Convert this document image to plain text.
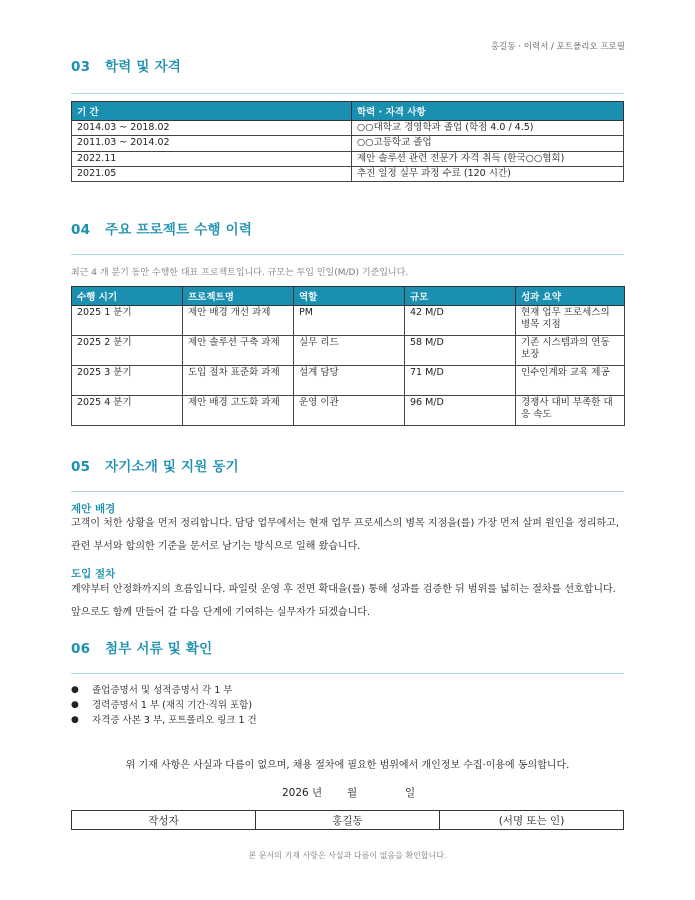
홍길동 · 이력서 / 포트폴리오 프로필
03 학력 및 자격
기 간	학력 · 자격 사항
2014.03 ~ 2018.02	○○대학교 경영학과 졸업 (학점 4.0 / 4.5)
2011.03 ~ 2014.02	○○고등학교 졸업
2022.11	제안 솔루션 관련 전문가 자격 취득 (한국○○협회)
2021.05	추진 일정 실무 과정 수료 (120 시간)
04 주요 프로젝트 수행 이력
최근 4 개 분기 동안 수행한 대표 프로젝트입니다. 규모는 투입 인일(M/D) 기준입니다.
수행 시기	프로젝트명	역할	규모	성과 요약
2025 1 분기	제안 배경 개선 과제	PM	42 M/D	현재 업무 프로세스의 병목 지점
2025 2 분기	제안 솔루션 구축 과제	실무 리드	58 M/D	기존 시스템과의 연동 보장
2025 3 분기	도입 절차 표준화 과제	설계 담당	71 M/D	인수인계와 교육 제공
2025 4 분기	제안 배경 고도화 과제	운영 이관	96 M/D	경쟁사 대비 부족한 대응 속도
05 자기소개 및 지원 동기
제안 배경
고객이 처한 상황을 먼저 정리합니다. 담당 업무에서는 현재 업무 프로세스의 병목 지점을(를) 가장 먼저 살펴 원인을 정리하고, 관련 부서와 합의한 기준을 문서로 남기는 방식으로 일해 왔습니다.
도입 절차
계약부터 안정화까지의 흐름입니다. 파일럿 운영 후 전면 확대을(를) 통해 성과를 검증한 뒤 범위를 넓히는 절차를 선호합니다. 앞으로도 함께 만들어 갈 다음 단계에 기여하는 실무자가 되겠습니다.
06 첨부 서류 및 확인
● 졸업증명서 및 성적증명서 각 1 부
● 경력증명서 1 부 (재직 기간·직위 포함)
● 자격증 사본 3 부, 포트폴리오 링크 1 건
위 기재 사항은 사실과 다름이 없으며, 채용 절차에 필요한 범위에서 개인정보 수집·이용에 동의합니다.
2026 년 월	일
작성자	홍길동	(서명 또는 인)
본 문서의 기재 사항은 사실과 다름이 없음을 확인합니다.
